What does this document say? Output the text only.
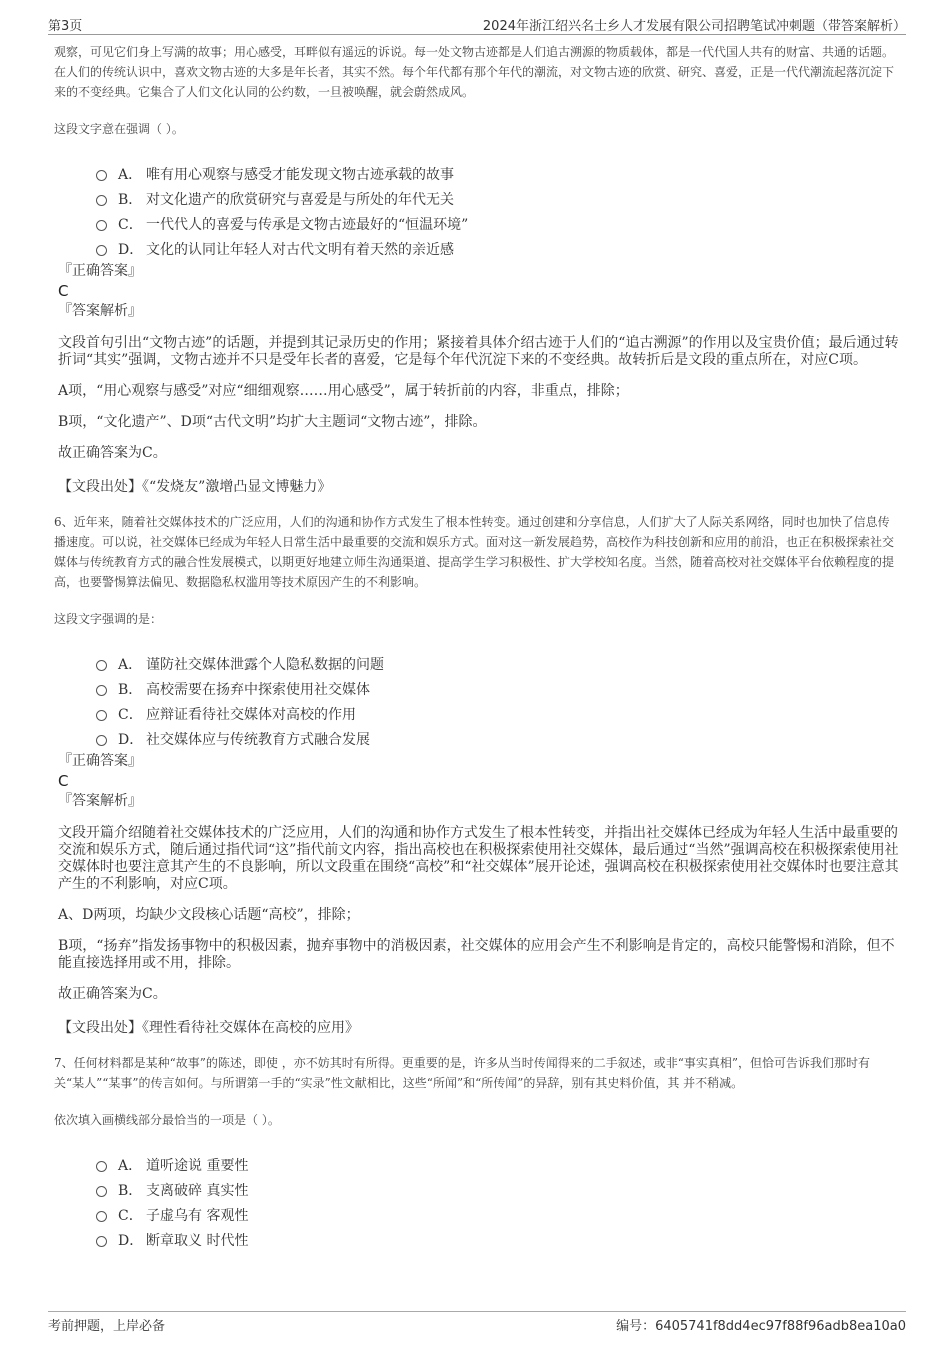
第3页	2024年浙江绍兴名士乡人才发展有限公司招聘笔试冲刺题（带答案解析）

观察，可见它们身上写满的故事；用心感受，耳畔似有遥远的诉说。每一处文物古迹都是人们追古溯源的物质载体，都是一代代国人共有的财富、共通的话题。在人们的传统认识中，喜欢文物古迹的大多是年长者，其实不然。每个年代都有那个年代的潮流，对文物古迹的欣赏、研究、喜爱，正是一代代潮流起落沉淀下来的不变经典。它集合了人们文化认同的公约数，一旦被唤醒，就会蔚然成风。

这段文字意在强调（ ）。

A． 唯有用心观察与感受才能发现文物古迹承载的故事
B． 对文化遗产的欣赏研究与喜爱是与所处的年代无关
C． 一代代人的喜爱与传承是文物古迹最好的“恒温环境”
D． 文化的认同让年轻人对古代文明有着天然的亲近感

『正确答案』

C

『答案解析』

文段首句引出“文物古迹”的话题，并提到其记录历史的作用；紧接着具体介绍古迹于人们的“追古溯源”的作用以及宝贵价值；最后通过转折词“其实”强调，文物古迹并不只是受年长者的喜爱，它是每个年代沉淀下来的不变经典。故转折后是文段的重点所在，对应C项。

A项，“用心观察与感受”对应“细细观察……用心感受”，属于转折前的内容，非重点，排除；

B项，“文化遗产”、D项“古代文明”均扩大主题词“文物古迹”，排除。

故正确答案为C。

【文段出处】《“发烧友”激增凸显文博魅力》

6、近年来，随着社交媒体技术的广泛应用，人们的沟通和协作方式发生了根本性转变。通过创建和分享信息，人们扩大了人际关系网络，同时也加快了信息传播速度。可以说，社交媒体已经成为年轻人日常生活中最重要的交流和娱乐方式。面对这一新发展趋势，高校作为科技创新和应用的前沿，也正在积极探索社交媒体与传统教育方式的融合性发展模式，以期更好地建立师生沟通渠道、提高学生学习积极性、扩大学校知名度。当然，随着高校对社交媒体平台依赖程度的提高，也要警惕算法偏见、数据隐私权滥用等技术原因产生的不利影响。

这段文字强调的是：

A． 谨防社交媒体泄露个人隐私数据的问题
B． 高校需要在扬弃中探索使用社交媒体
C． 应辩证看待社交媒体对高校的作用
D． 社交媒体应与传统教育方式融合发展

『正确答案』

C

『答案解析』

文段开篇介绍随着社交媒体技术的广泛应用，人们的沟通和协作方式发生了根本性转变，并指出社交媒体已经成为年轻人生活中最重要的交流和娱乐方式，随后通过指代词“这”指代前文内容，指出高校也在积极探索使用社交媒体，最后通过“当然”强调高校在积极探索使用社交媒体时也要注意其产生的不良影响，所以文段重在围绕“高校”和“社交媒体”展开论述，强调高校在积极探索使用社交媒体时也要注意其产生的不利影响，对应C项。

A、D两项，均缺少文段核心话题“高校”，排除；

B项，“扬弃”指发扬事物中的积极因素，抛弃事物中的消极因素，社交媒体的应用会产生不利影响是肯定的，高校只能警惕和消除，但不能直接选择用或不用，排除。

故正确答案为C。

【文段出处】《理性看待社交媒体在高校的应用》

7、任何材料都是某种“故事”的陈述，即使 ，亦不妨其时有所得。更重要的是，许多从当时传闻得来的二手叙述，或非“事实真相”，但恰可告诉我们那时有关“某人”“某事”的传言如何。与所谓第一手的“实录”性文献相比，这些“所闻”和“所传闻”的异辞，别有其史料价值，其 并不稍减。

依次填入画横线部分最恰当的一项是（ ）。

A． 道听途说 重要性
B． 支离破碎 真实性
C． 子虚乌有 客观性
D． 断章取义 时代性
考前押题，上岸必备	编号：6405741f8dd4ec97f88f96adb8ea10a0
